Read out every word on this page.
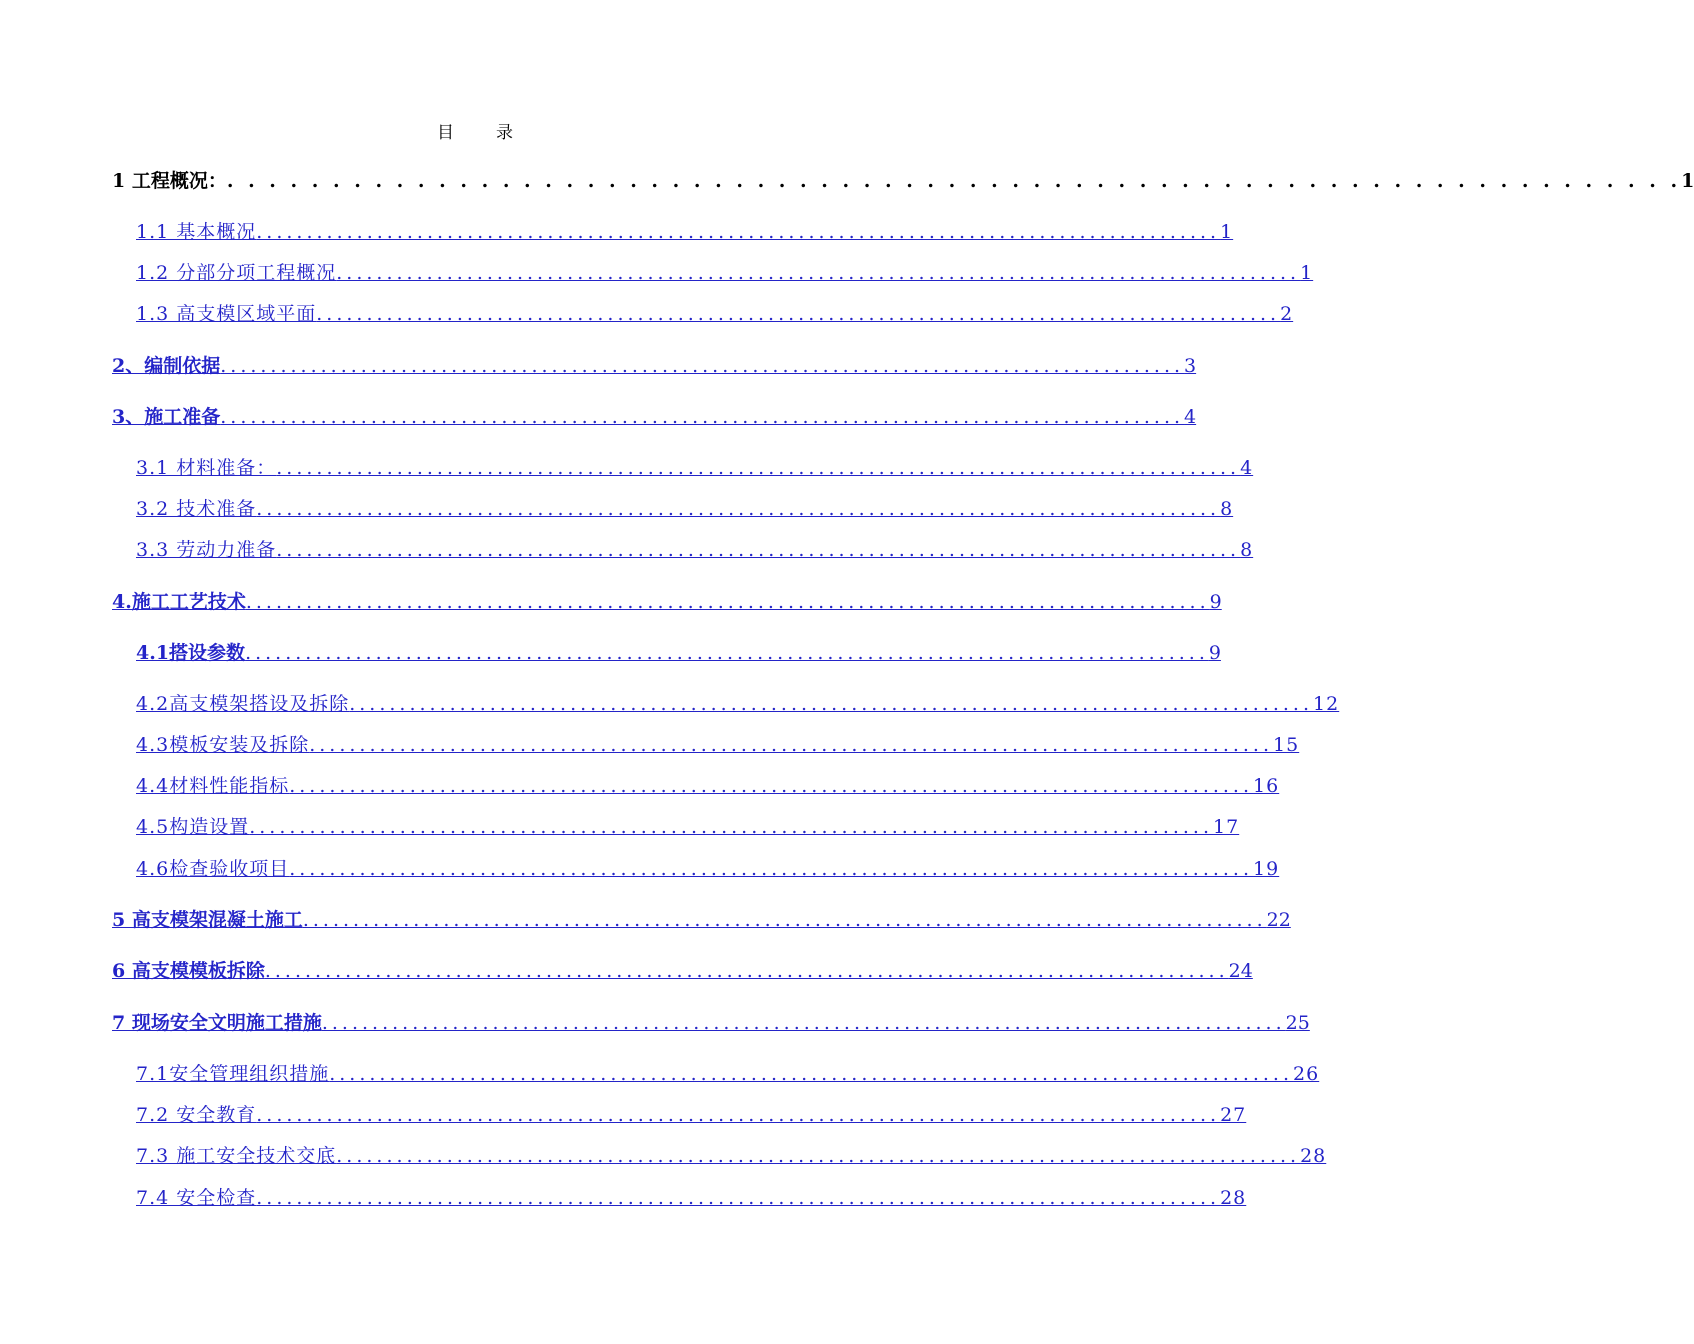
目 录
1 工程概况： . . . . . . . . . . . . . . . . . . . . . . . . . . . . . . . . . . . . . . . . . . . . . . . . . . . . . . . . . . . . . . . . . . . . . 1
1.1 基本概况 ................................................................................................ 1
1.2 分部分项工程概况 ................................................................................................ 1
1.3 高支模区域平面 ................................................................................................ 2
2、编制依据 ................................................................................................ 3
3、施工准备 ................................................................................................ 4
3.1 材料准备： ................................................................................................ 4
3.2 技术准备 ................................................................................................ 8
3.3 劳动力准备 ................................................................................................ 8
4.施工工艺技术 ................................................................................................ 9
4.1搭设参数 ................................................................................................ 9
4.2高支模架搭设及拆除 ................................................................................................ 12
4.3模板安装及拆除 ................................................................................................ 15
4.4材料性能指标 ................................................................................................ 16
4.5构造设置 ................................................................................................ 17
4.6检查验收项目 ................................................................................................ 19
5 高支模架混凝土施工 ................................................................................................ 22
6 高支模模板拆除 ................................................................................................ 24
7 现场安全文明施工措施 ................................................................................................ 25
7.1安全管理组织措施 ................................................................................................ 26
7.2 安全教育 ................................................................................................ 27
7.3 施工安全技术交底 ................................................................................................ 28
7.4 安全检查 ................................................................................................ 28
